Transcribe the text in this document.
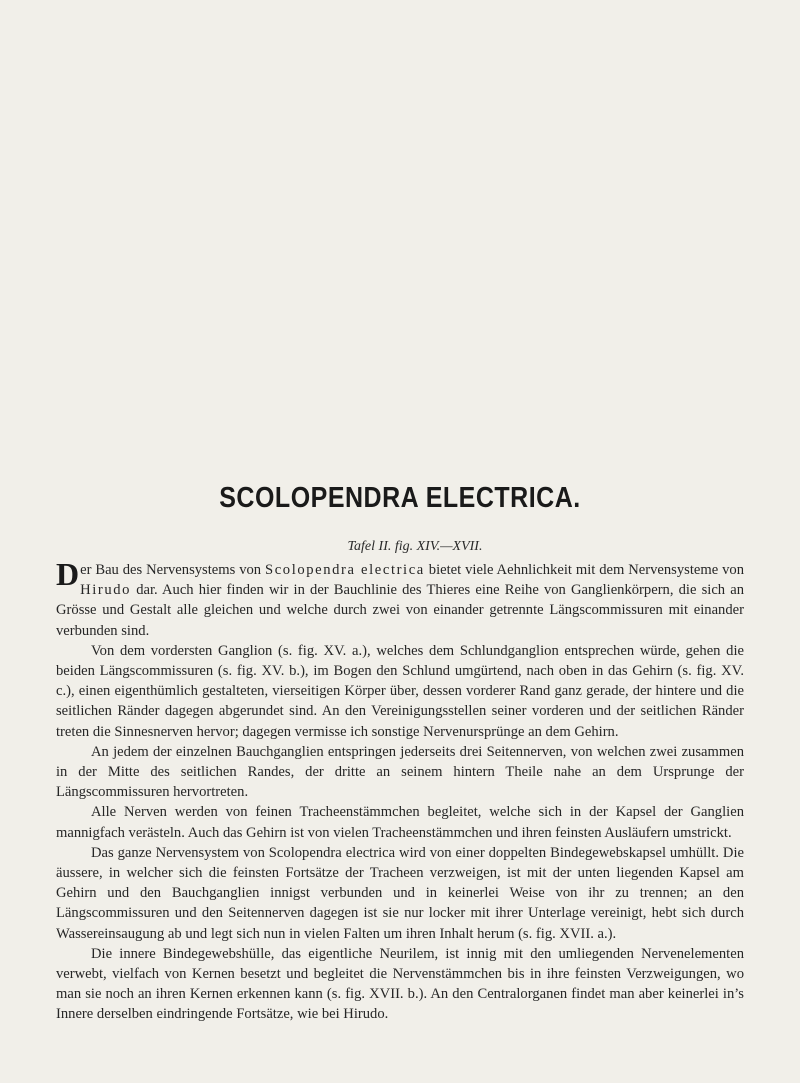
SCOLOPENDRA ELECTRICA.
Tafel II. fig. XIV.—XVII.

Der Bau des Nervensystems von Scolopendra electrica bietet viele Aehnlichkeit mit dem Nervensysteme von Hirudo dar. Auch hier finden wir in der Bauchlinie des Thieres eine Reihe von Ganglienkörpern, die sich an Grösse und Gestalt alle gleichen und welche durch zwei von einander getrennte Längscommissuren mit einander verbunden sind.

Von dem vordersten Ganglion (s. fig. XV. a.), welches dem Schlundganglion entsprechen würde, gehen die beiden Längscommissuren (s. fig. XV. b.), im Bogen den Schlund umgürtend, nach oben in das Gehirn (s. fig. XV. c.), einen eigenthümlich gestalteten, vierseitigen Körper über, dessen vorderer Rand ganz gerade, der hintere und die seitlichen Ränder dagegen abgerundet sind. An den Vereinigungsstellen seiner vorderen und der seitlichen Ränder treten die Sinnesnerven hervor; dagegen vermisse ich sonstige Nervenursprünge an dem Gehirn.

An jedem der einzelnen Bauchganglien entspringen jederseits drei Seitennerven, von welchen zwei zusammen in der Mitte des seitlichen Randes, der dritte an seinem hintern Theile nahe an dem Ursprunge der Längscommissuren hervortreten.

Alle Nerven werden von feinen Tracheenstämmchen begleitet, welche sich in der Kapsel der Ganglien mannigfach verästeln. Auch das Gehirn ist von vielen Tracheenstämmchen und ihren feinsten Ausläufern umstrickt.

Das ganze Nervensystem von Scolopendra electrica wird von einer doppelten Bindegewebskapsel umhüllt. Die äussere, in welcher sich die feinsten Fortsätze der Tracheen verzweigen, ist mit der unten liegenden Kapsel am Gehirn und den Bauchganglien innigst verbunden und in keinerlei Weise von ihr zu trennen; an den Längscommissuren und den Seitennerven dagegen ist sie nur locker mit ihrer Unterlage vereinigt, hebt sich durch Wassereinsaugung ab und legt sich nun in vielen Falten um ihren Inhalt herum (s. fig. XVII. a.).

Die innere Bindegewebshülle, das eigentliche Neurilem, ist innig mit den umliegenden Nervenelementen verwebt, vielfach von Kernen besetzt und begleitet die Nervenstämmchen bis in ihre feinsten Verzweigungen, wo man sie noch an ihren Kernen erkennen kann (s. fig. XVII. b.). An den Centralorganen findet man aber keinerlei in’s Innere derselben eindringende Fortsätze, wie bei Hirudo.
